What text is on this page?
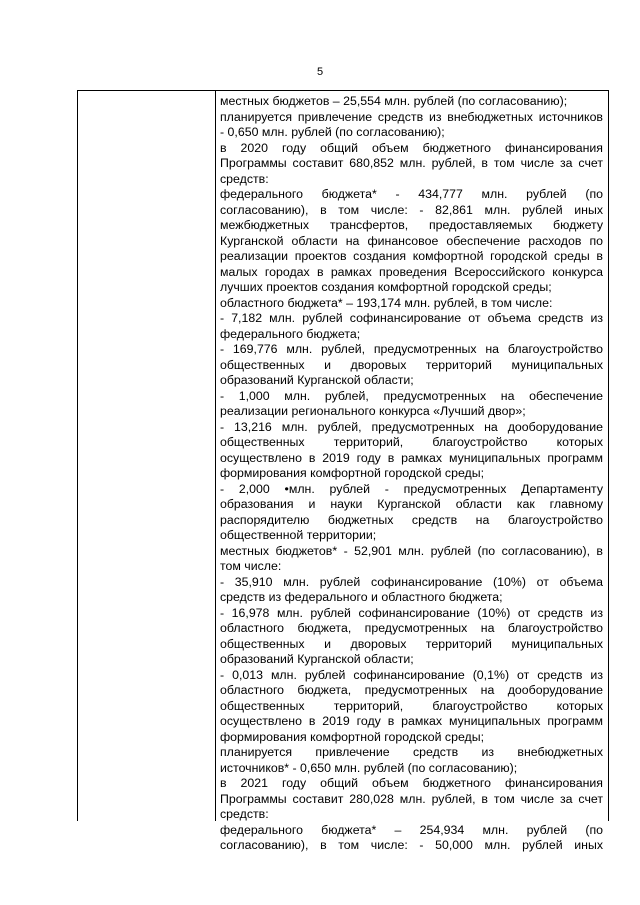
5
местных бюджетов – 25,554 млн. рублей (по согласованию);
планируется привлечение средств из внебюджетных источников
- 0,650 млн. рублей (по согласованию);
в 2020 году общий объем бюджетного финансирования
Программы составит 680,852 млн. рублей, в том числе за счет
средств:
федерального бюджета* - 434,777 млн. рублей (по
согласованию), в том числе: - 82,861 млн. рублей иных
межбюджетных трансфертов, предоставляемых бюджету
Курганской области на финансовое обеспечение расходов по
реализации проектов создания комфортной городской среды в
малых городах в рамках проведения Всероссийского конкурса
лучших проектов создания комфортной городской среды;
областного бюджета* – 193,174 млн. рублей, в том числе:
- 7,182 млн. рублей софинансирование от объема средств из
федерального бюджета;
- 169,776 млн. рублей, предусмотренных на благоустройство
общественных и дворовых территорий муниципальных
образований Курганской области;
- 1,000 млн. рублей, предусмотренных на обеспечение
реализации регионального конкурса «Лучший двор»;
- 13,216 млн. рублей, предусмотренных на дооборудование
общественных территорий, благоустройство которых
осуществлено в 2019 году в рамках муниципальных программ
формирования комфортной городской среды;
- 2,000 •млн. рублей - предусмотренных Департаменту
образования и науки Курганской области как главному
распорядителю бюджетных средств на благоустройство
общественной территории;
местных бюджетов* - 52,901 млн. рублей (по согласованию), в
том числе:
- 35,910 млн. рублей софинансирование (10%) от объема
средств из федерального и областного бюджета;
- 16,978 млн. рублей софинансирование (10%) от средств из
областного бюджета, предусмотренных на благоустройство
общественных и дворовых территорий муниципальных
образований Курганской области;
- 0,013 млн. рублей софинансирование (0,1%) от средств из
областного бюджета, предусмотренных на дооборудование
общественных территорий, благоустройство которых
осуществлено в 2019 году в рамках муниципальных программ
формирования комфортной городской среды;
планируется привлечение средств из внебюджетных
источников* - 0,650 млн. рублей (по согласованию);
в 2021 году общий объем бюджетного финансирования
Программы составит 280,028 млн. рублей, в том числе за счет
средств:
федерального бюджета* – 254,934 млн. рублей (по
согласованию), в том числе: - 50,000 млн. рублей иных
